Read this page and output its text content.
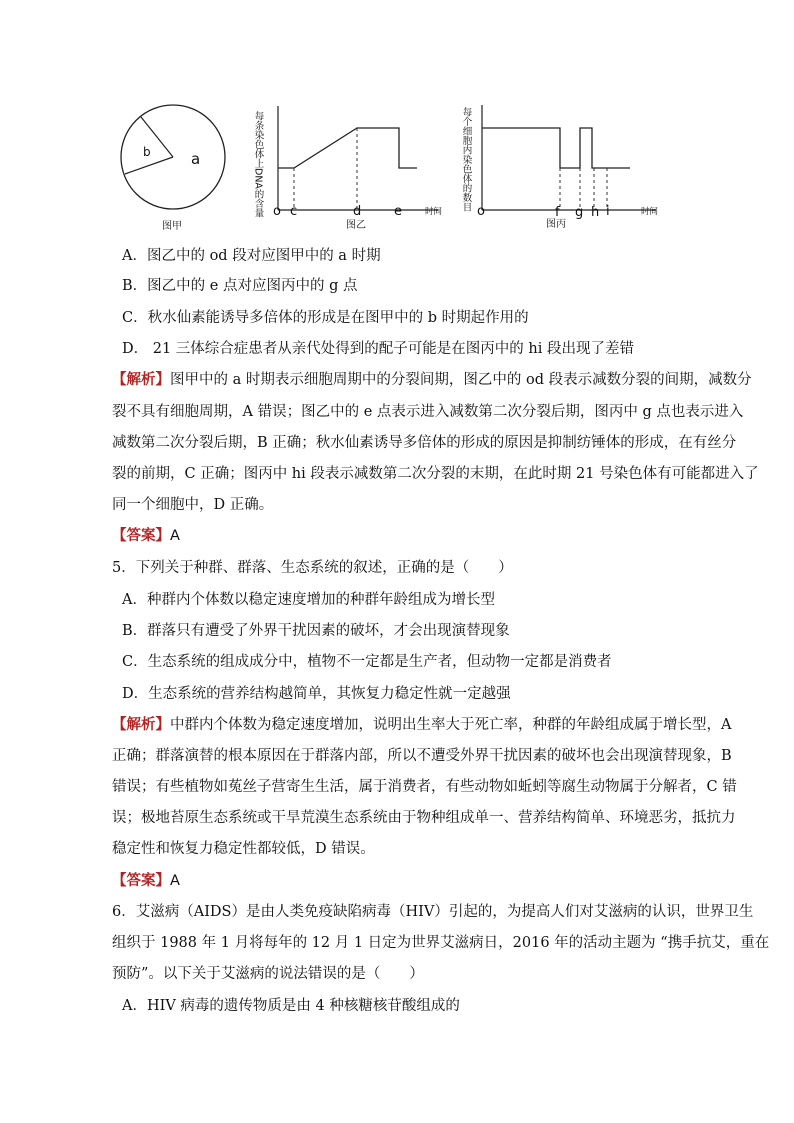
b	a
图甲
每条染色体上DNA的含量 o c	d	e	时间
图乙
每个细胞内染色体的数目 o	f g h i	时间
图丙
A．图乙中的 od 段对应图甲中的 a 时期
B．图乙中的 e 点对应图丙中的 g 点
C．秋水仙素能诱导多倍体的形成是在图甲中的 b 时期起作用的
D． 21 三体综合症患者从亲代处得到的配子可能是在图丙中的 hi 段出现了差错
【解析】图甲中的 a 时期表示细胞周期中的分裂间期，图乙中的 od 段表示减数分裂的间期，减数分
裂不具有细胞周期，A 错误；图乙中的 e 点表示进入减数第二次分裂后期，图丙中 g 点也表示进入
减数第二次分裂后期，B 正确；秋水仙素诱导多倍体的形成的原因是抑制纺锤体的形成，在有丝分
裂的前期，C 正确；图丙中 hi 段表示减数第二次分裂的末期，在此时期 21 号染色体有可能都进入了
同一个细胞中，D 正确。
【答案】A
5．下列关于种群、群落、生态系统的叙述，正确的是（　　）
A．种群内个体数以稳定速度增加的种群年龄组成为增长型
B．群落只有遭受了外界干扰因素的破坏，才会出现演替现象
C．生态系统的组成成分中，植物不一定都是生产者，但动物一定都是消费者
D．生态系统的营养结构越简单，其恢复力稳定性就一定越强
【解析】中群内个体数为稳定速度增加，说明出生率大于死亡率，种群的年龄组成属于增长型，A
正确；群落演替的根本原因在于群落内部，所以不遭受外界干扰因素的破坏也会出现演替现象，B
错误；有些植物如菟丝子营寄生生活，属于消费者，有些动物如蚯蚓等腐生动物属于分解者，C 错
误；极地苔原生态系统或干旱荒漠生态系统由于物种组成单一、营养结构简单、环境恶劣，抵抗力
稳定性和恢复力稳定性都较低，D 错误。
【答案】A
6．艾滋病（AIDS）是由人类免疫缺陷病毒（HIV）引起的，为提高人们对艾滋病的认识，世界卫生
组织于 1988 年 1 月将每年的 12 月 1 日定为世界艾滋病日，2016 年的活动主题为 “携手抗艾，重在
预防”。以下关于艾滋病的说法错误的是（　　）
A．HIV 病毒的遗传物质是由 4 种核糖核苷酸组成的
